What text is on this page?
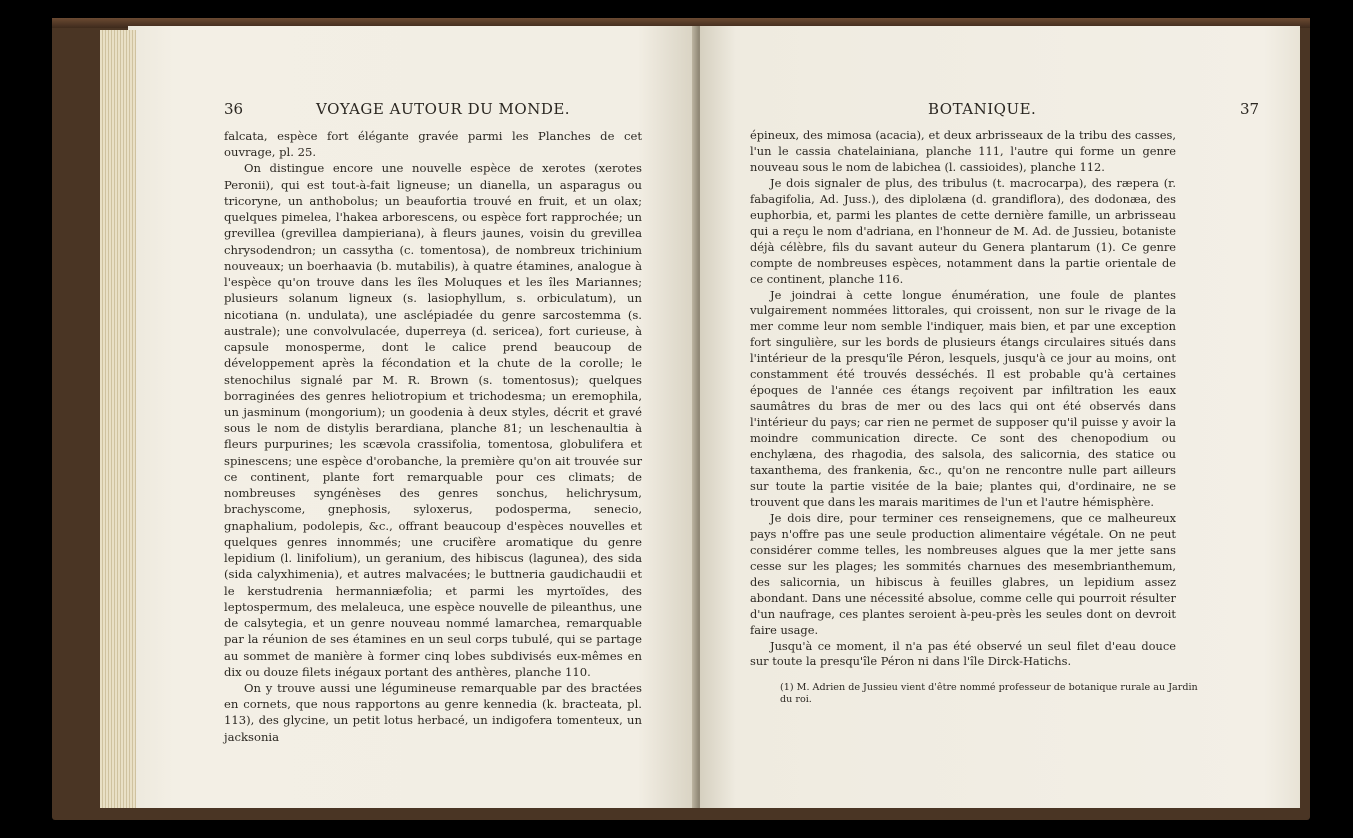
36	VOYAGE AUTOUR DU MONDE.

falcata, espèce fort élégante gravée parmi les Planches de cet ouvrage, pl. 25.

On distingue encore une nouvelle espèce de xerotes (xerotes Peronii), qui est tout-à-fait ligneuse; un dianella, un asparagus ou tricoryne, un anthobolus; un beaufortia trouvé en fruit, et un olax; quelques pimelea, l'hakea arborescens, ou espèce fort rapprochée; un grevillea (grevillea dampieriana), à fleurs jaunes, voisin du grevillea chrysodendron; un cassytha (c. tomentosa), de nombreux trichinium nouveaux; un boerhaavia (b. mutabilis), à quatre étamines, analogue à l'espèce qu'on trouve dans les îles Moluques et les îles Mariannes; plusieurs solanum ligneux (s. lasiophyllum, s. orbiculatum), un nicotiana (n. undulata), une asclépiadée du genre sarcostemma (s. australe); une convolvulacée, duperreya (d. sericea), fort curieuse, à capsule monosperme, dont le calice prend beaucoup de développement après la fécondation et la chute de la corolle; le stenochilus signalé par M. R. Brown (s. tomentosus); quelques borraginées des genres heliotropium et trichodesma; un eremophila, un jasminum (mongorium); un goodenia à deux styles, décrit et gravé sous le nom de distylis berardiana, planche 81; un leschenaultia à fleurs purpurines; les scævola crassifolia, tomentosa, globulifera et spinescens; une espèce d'orobanche, la première qu'on ait trouvée sur ce continent, plante fort remarquable pour ces climats; de nombreuses syngénèses des genres sonchus, helichrysum, brachyscome, gnephosis, syloxerus, podosperma, senecio, gnaphalium, podolepis, &c., offrant beaucoup d'espèces nouvelles et quelques genres innommés; une crucifère aromatique du genre lepidium (l. linifolium), un geranium, des hibiscus (lagunea), des sida (sida calyxhimenia), et autres malvacées; le buttneria gaudichaudii et le kerstudrenia hermanniæfolia; et parmi les myrtoïdes, des leptospermum, des melaleuca, une espèce nouvelle de pileanthus, une de calsytegia, et un genre nouveau nommé lamarchea, remarquable par la réunion de ses étamines en un seul corps tubulé, qui se partage au sommet de manière à former cinq lobes subdivisés eux-mêmes en dix ou douze filets inégaux portant des anthères, planche 110.

On y trouve aussi une légumineuse remarquable par des bractées en cornets, que nous rapportons au genre kennedia (k. bracteata, pl. 113), des glycine, un petit lotus herbacé, un indigofera tomenteux, un jacksonia

BOTANIQUE.	37

épineux, des mimosa (acacia), et deux arbrisseaux de la tribu des casses, l'un le cassia chatelainiana, planche 111, l'autre qui forme un genre nouveau sous le nom de labichea (l. cassioides), planche 112.

Je dois signaler de plus, des tribulus (t. macrocarpa), des ræpera (r. fabagifolia, Ad. Juss.), des diplolæna (d. grandiflora), des dodonæa, des euphorbia, et, parmi les plantes de cette dernière famille, un arbrisseau qui a reçu le nom d'adriana, en l'honneur de M. Ad. de Jussieu, botaniste déjà célèbre, fils du savant auteur du Genera plantarum (1). Ce genre compte de nombreuses espèces, notamment dans la partie orientale de ce continent, planche 116.

Je joindrai à cette longue énumération, une foule de plantes vulgairement nommées littorales, qui croissent, non sur le rivage de la mer comme leur nom semble l'indiquer, mais bien, et par une exception fort singulière, sur les bords de plusieurs étangs circulaires situés dans l'intérieur de la presqu'île Péron, lesquels, jusqu'à ce jour au moins, ont constamment été trouvés desséchés. Il est probable qu'à certaines époques de l'année ces étangs reçoivent par infiltration les eaux saumâtres du bras de mer ou des lacs qui ont été observés dans l'intérieur du pays; car rien ne permet de supposer qu'il puisse y avoir la moindre communication directe. Ce sont des chenopodium ou enchylæna, des rhagodia, des salsola, des salicornia, des statice ou taxanthema, des frankenia, &c., qu'on ne rencontre nulle part ailleurs sur toute la partie visitée de la baie; plantes qui, d'ordinaire, ne se trouvent que dans les marais maritimes de l'un et l'autre hémisphère.

Je dois dire, pour terminer ces renseignemens, que ce malheureux pays n'offre pas une seule production alimentaire végétale. On ne peut considérer comme telles, les nombreuses algues que la mer jette sans cesse sur les plages; les sommités charnues des mesembrianthemum, des salicornia, un hibiscus à feuilles glabres, un lepidium assez abondant. Dans une nécessité absolue, comme celle qui pourroit résulter d'un naufrage, ces plantes seroient à-peu-près les seules dont on devroit faire usage.

Jusqu'à ce moment, il n'a pas été observé un seul filet d'eau douce sur toute la presqu'île Péron ni dans l'île Dirck-Hatichs.

(1) M. Adrien de Jussieu vient d'être nommé professeur de botanique rurale au Jardin du roi.
